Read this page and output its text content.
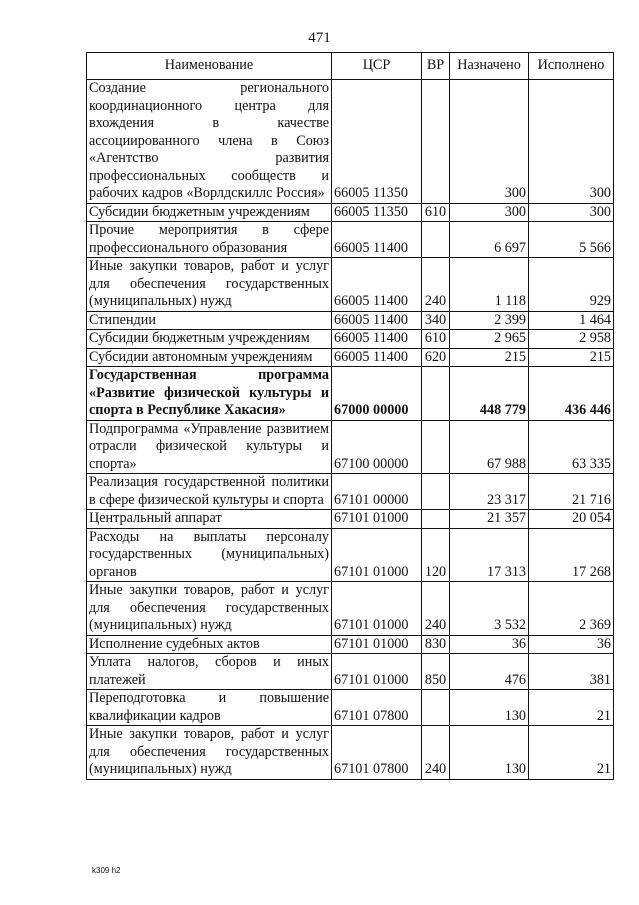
471
Наименование	ЦСР	ВР	Назначено	Исполнено
Создание регионального координационного центра для вхождения в качестве ассоциированного члена в Союз «Агентство развития профессиональных сообществ и рабочих кадров «Ворлдскиллс Россия»	66005 11350		300	300
Субсидии бюджетным учреждениям	66005 11350	610	300	300
Прочие мероприятия в сфере профессионального образования	66005 11400		6 697	5 566
Иные закупки товаров, работ и услуг для обеспечения государственных (муниципальных) нужд	66005 11400	240	1 118	929
Стипендии	66005 11400	340	2 399	1 464
Субсидии бюджетным учреждениям	66005 11400	610	2 965	2 958
Субсидии автономным учреждениям	66005 11400	620	215	215
Государственная программа «Развитие физической культуры и спорта в Республике Хакасия»	67000 00000		448 779	436 446
Подпрограмма «Управление развитием отрасли физической культуры и спорта»	67100 00000		67 988	63 335
Реализация государственной политики в сфере физической культуры и спорта	67101 00000		23 317	21 716
Центральный аппарат	67101 01000		21 357	20 054
Расходы на выплаты персоналу государственных (муниципальных) органов	67101 01000	120	17 313	17 268
Иные закупки товаров, работ и услуг для обеспечения государственных (муниципальных) нужд	67101 01000	240	3 532	2 369
Исполнение судебных актов	67101 01000	830	36	36
Уплата налогов, сборов и иных платежей	67101 01000	850	476	381
Переподготовка и повышение квалификации кадров	67101 07800		130	21
Иные закупки товаров, работ и услуг для обеспечения государственных (муниципальных) нужд	67101 07800	240	130	21
k309 h2
